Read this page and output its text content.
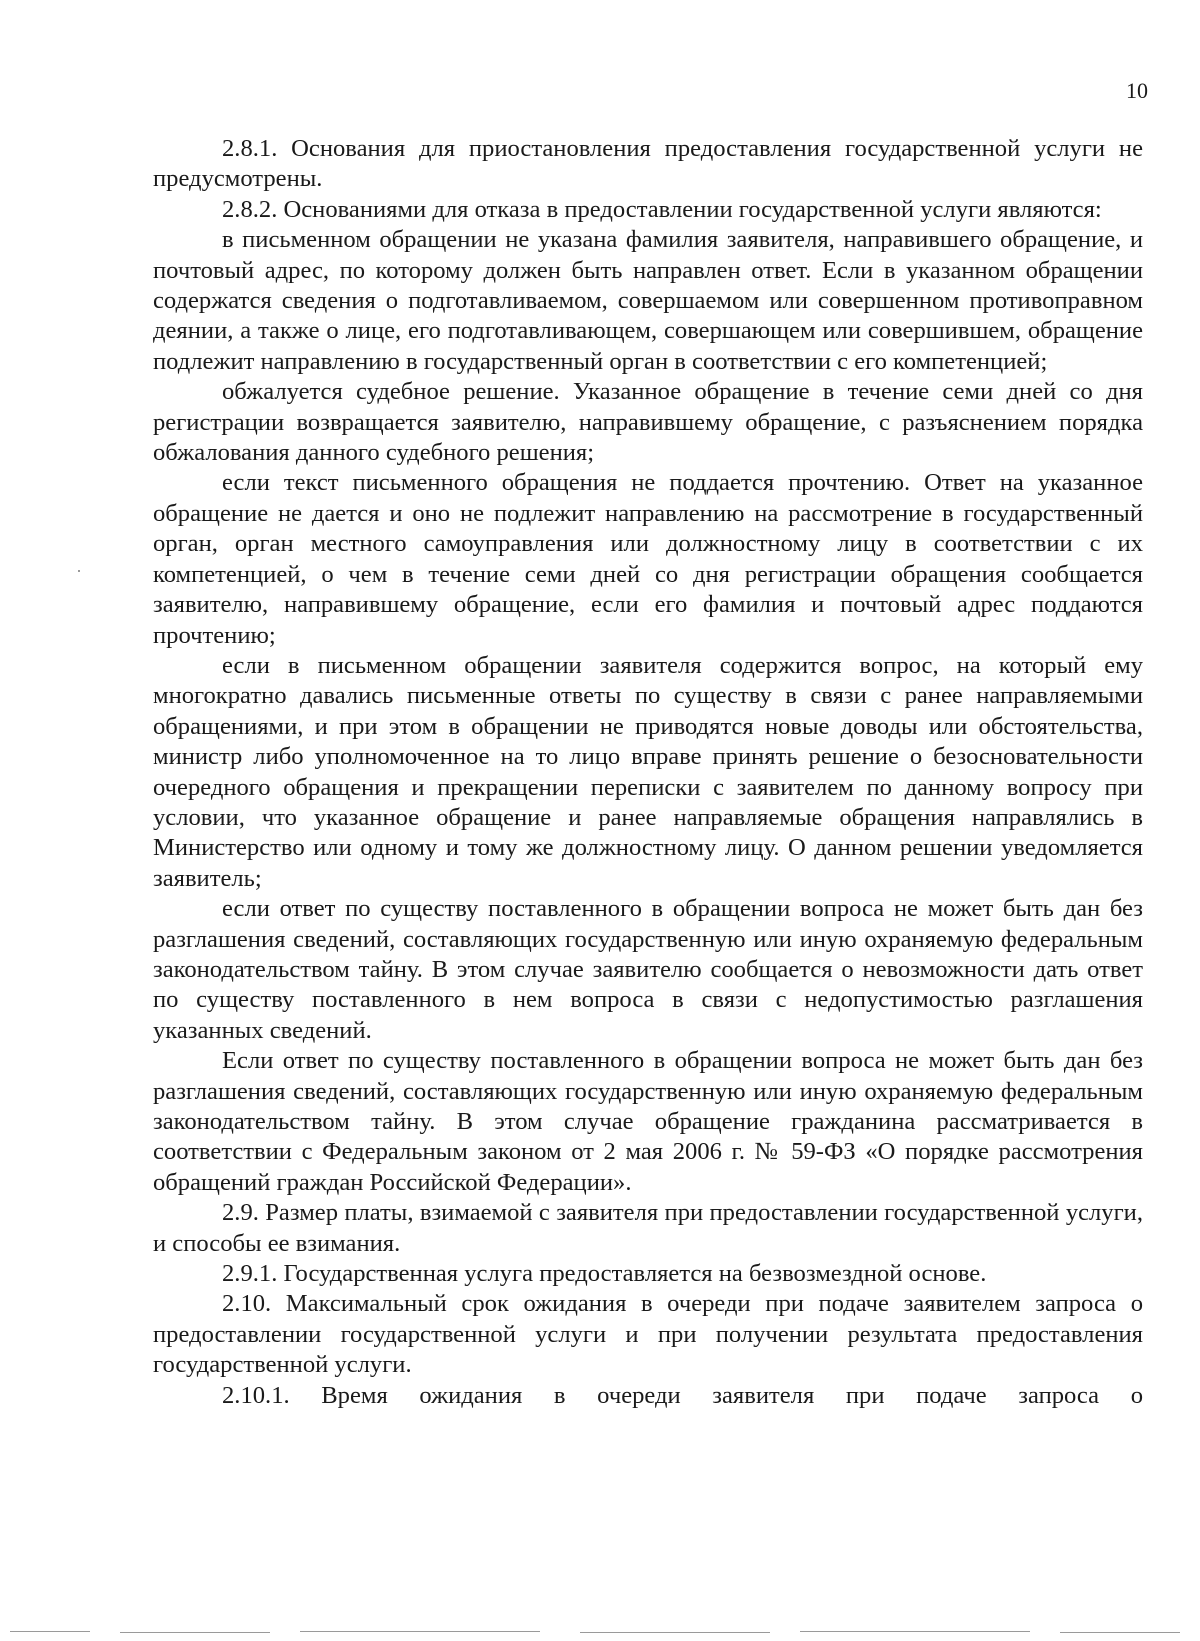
10

2.8.1. Основания для приостановления предоставления государственной услуги не предусмотрены.

2.8.2. Основаниями для отказа в предоставлении государственной услуги являются:

в письменном обращении не указана фамилия заявителя, направившего обращение, и почтовый адрес, по которому должен быть направлен ответ. Если в указанном обращении содержатся сведения о подготавливаемом, совершаемом или совершенном противоправном деянии, а также о лице, его подготавливающем, совершающем или совершившем, обращение подлежит направлению в государственный орган в соответствии с его компетенцией;

обжалуется судебное решение. Указанное обращение в течение семи дней со дня регистрации возвращается заявителю, направившему обращение, с разъяснением порядка обжалования данного судебного решения;

если текст письменного обращения не поддается прочтению. Ответ на указанное обращение не дается и оно не подлежит направлению на рассмотрение в государственный орган, орган местного самоуправления или должностному лицу в соответствии с их компетенцией, о чем в течение семи дней со дня регистрации обращения сообщается заявителю, направившему обращение, если его фамилия и почтовый адрес поддаются прочтению;

если в письменном обращении заявителя содержится вопрос, на который ему многократно давались письменные ответы по существу в связи с ранее направляемыми обращениями, и при этом в обращении не приводятся новые доводы или обстоятельства, министр либо уполномоченное на то лицо вправе принять решение о безосновательности очередного обращения и прекращении переписки с заявителем по данному вопросу при условии, что указанное обращение и ранее направляемые обращения направлялись в Министерство или одному и тому же должностному лицу. О данном решении уведомляется заявитель;

если ответ по существу поставленного в обращении вопроса не может быть дан без разглашения сведений, составляющих государственную или иную охраняемую федеральным законодательством тайну. В этом случае заявителю сообщается о невозможности дать ответ по существу поставленного в нем вопроса в связи с недопустимостью разглашения указанных сведений.

Если ответ по существу поставленного в обращении вопроса не может быть дан без разглашения сведений, составляющих государственную или иную охраняемую федеральным законодательством тайну. В этом случае обращение гражданина рассматривается в соответствии с Федеральным законом от 2 мая 2006 г. № 59-ФЗ «О порядке рассмотрения обращений граждан Российской Федерации».

2.9. Размер платы, взимаемой с заявителя при предоставлении государственной услуги, и способы ее взимания.

2.9.1. Государственная услуга предоставляется на безвозмездной основе.

2.10. Максимальный срок ожидания в очереди при подаче заявителем запроса о предоставлении государственной услуги и при получении результата предоставления государственной услуги.

2.10.1. Время ожидания в очереди заявителя при подаче запроса о
